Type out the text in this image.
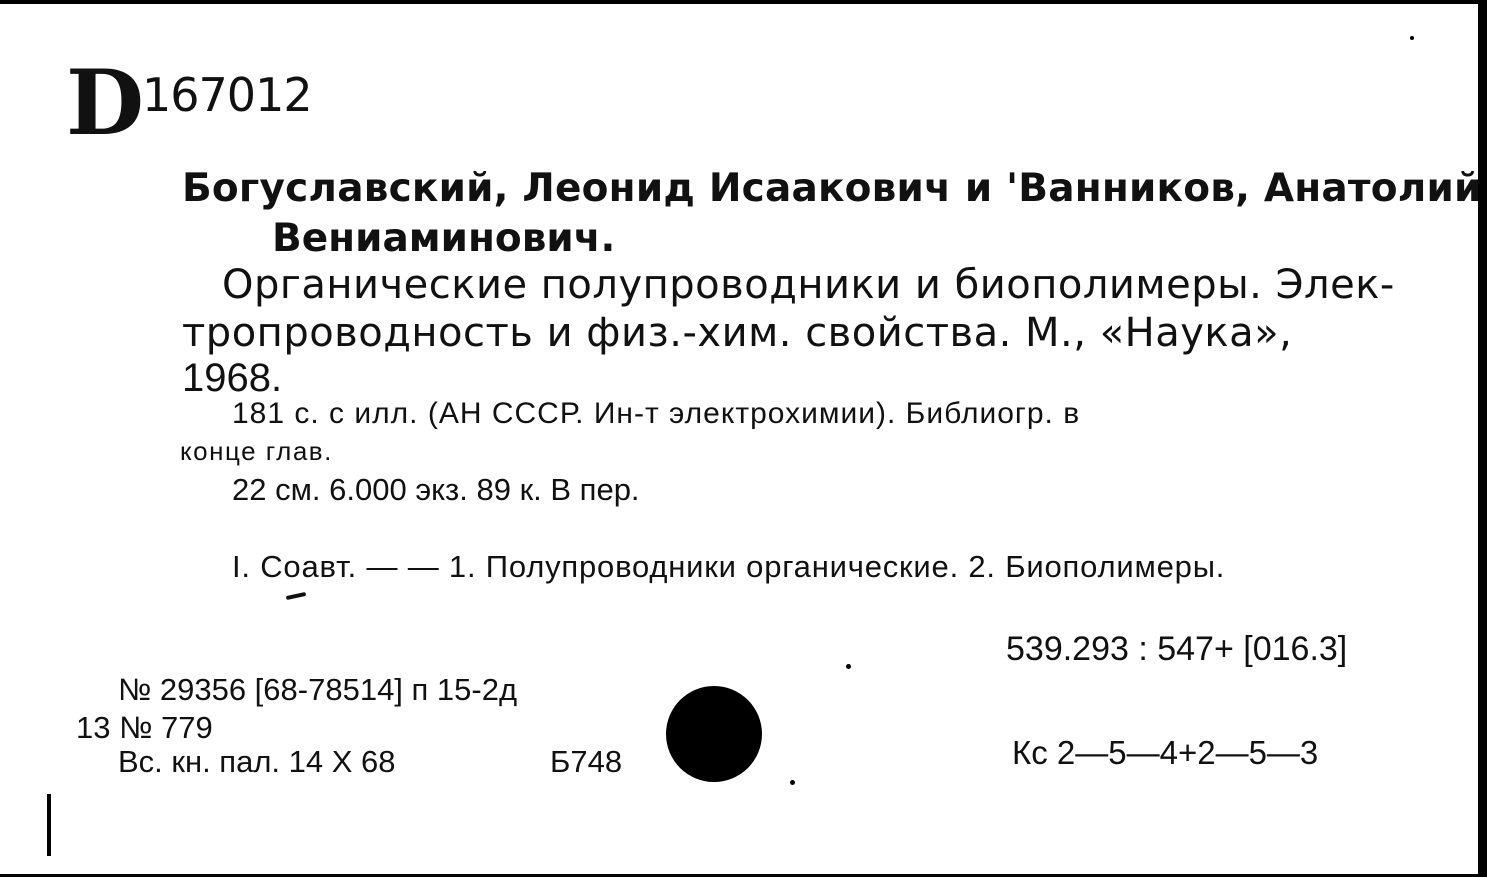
D 167012
Богуславский, Леонид Исаакович и 'Ванников, Анатолий
Вениаминович.
Органические полупроводники и биополимеры. Элек-
тропроводность и физ.-хим. свойства. М., «Наука»,
1968.
181 с. с илл. (АН СССР. Ин-т электрохимии). Библиогр. в
конце глав.
22 см. 6.000 экз. 89 к. В пер.
I. Соавт. — — 1. Полупроводники органические. 2. Биополимеры.
539.293 : 547+ [016.3]
№ 29356 [68-78514] п 15-2д
13 № 779
Вс. кн. пал. 14 X 68	Б748	Кс 2—5—4+2—5—3
